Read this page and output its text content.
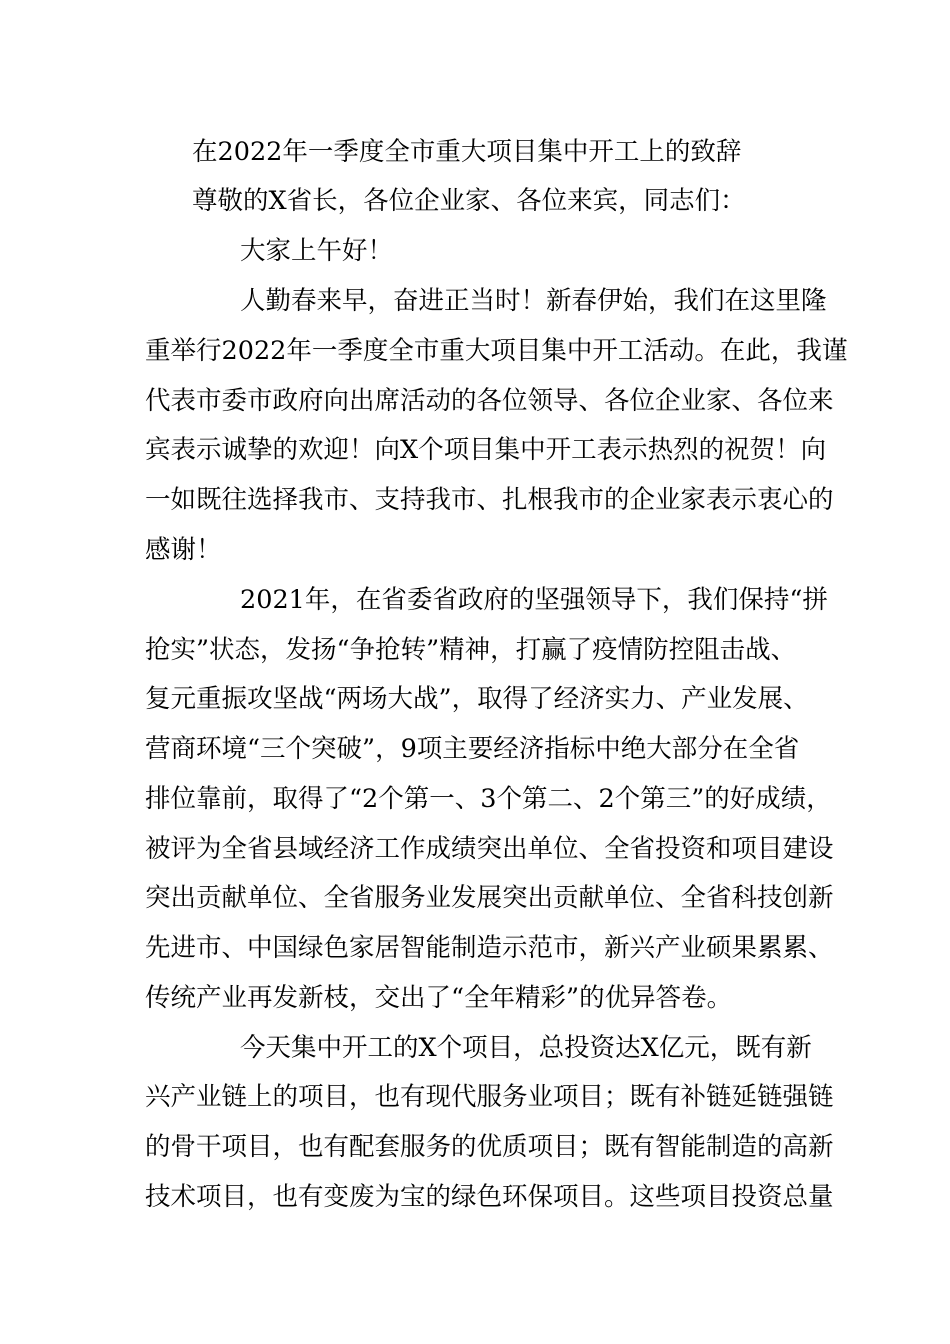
在2022年一季度全市重大项目集中开工上的致辞

尊敬的X省长，各位企业家、各位来宾，同志们：

大家上午好！

人勤春来早，奋进正当时！新春伊始，我们在这里隆

重举行2022年一季度全市重大项目集中开工活动。在此，我谨

代表市委市政府向出席活动的各位领导、各位企业家、各位来

宾表示诚挚的欢迎！向X个项目集中开工表示热烈的祝贺！向

一如既往选择我市、支持我市、扎根我市的企业家表示衷心的

感谢！

2021年，在省委省政府的坚强领导下，我们保持“拼

抢实”状态，发扬“争抢转”精神，打赢了疫情防控阻击战、

复元重振攻坚战“两场大战”，取得了经济实力、产业发展、

营商环境“三个突破”，9项主要经济指标中绝大部分在全省

排位靠前，取得了“2个第一、3个第二、2个第三”的好成绩，

被评为全省县域经济工作成绩突出单位、全省投资和项目建设

突出贡献单位、全省服务业发展突出贡献单位、全省科技创新

先进市、中国绿色家居智能制造示范市，新兴产业硕果累累、

传统产业再发新枝，交出了“全年精彩”的优异答卷。

今天集中开工的X个项目，总投资达X亿元，既有新

兴产业链上的项目，也有现代服务业项目；既有补链延链强链

的骨干项目，也有配套服务的优质项目；既有智能制造的高新

技术项目，也有变废为宝的绿色环保项目。这些项目投资总量
